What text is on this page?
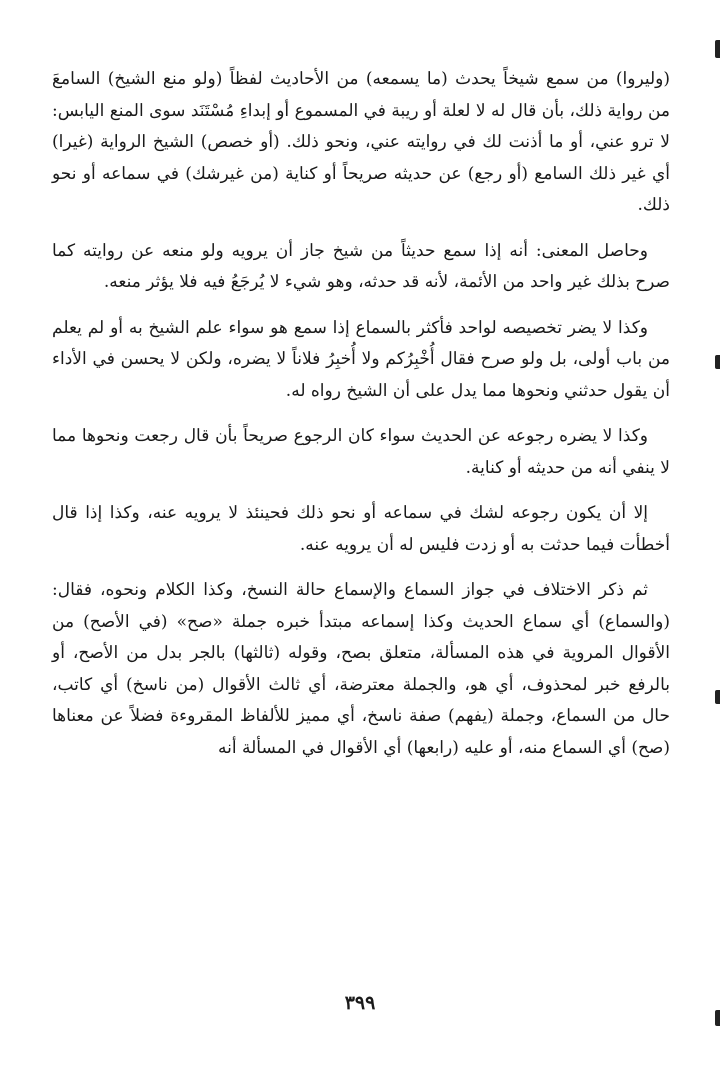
(وليروا) من سمع شيخاً يحدث (ما يسمعه) من الأحاديث لفظاً (ولو منع الشيخ) السامعَ من رواية ذلك، بأن قال له لا لعلة أو ريبة في المسموع أو إبداءِ مُسْتَنَد سوى المنع اليابس: لا ترو عني، أو ما أذنت لك في روايته عني، ونحو ذلك. (أو خصص) الشيخ الرواية (غيرا) أي غير ذلك السامع (أو رجع) عن حديثه صريحاً أو كناية (من غيرشك) في سماعه أو نحو ذلك.

وحاصل المعنى: أنه إذا سمع حديثاً من شيخ جاز أن يرويه ولو منعه عن روايته كما صرح بذلك غير واحد من الأئمة، لأنه قد حدثه، وهو شيء لا يُرجَعُ فيه فلا يؤثر منعه.

وكذا لا يضر تخصيصه لواحد فأكثر بالسماع إذا سمع هو سواء علم الشيخ به أو لم يعلم من باب أولى، بل ولو صرح فقال أُخْبِرُكم ولا أُخبِرُ فلاناً لا يضره، ولكن لا يحسن في الأداء أن يقول حدثني ونحوها مما يدل على أن الشيخ رواه له.

وكذا لا يضره رجوعه عن الحديث سواء كان الرجوع صريحاً بأن قال رجعت ونحوها مما لا ينفي أنه من حديثه أو كناية.

إلا أن يكون رجوعه لشك في سماعه أو نحو ذلك فحينئذ لا يرويه عنه، وكذا إذا قال أخطأت فيما حدثت به أو زدت فليس له أن يرويه عنه.

ثم ذكر الاختلاف في جواز السماع والإسماع حالة النسخ، وكذا الكلام ونحوه، فقال: (والسماع) أي سماع الحديث وكذا إسماعه مبتدأ خبره جملة «صح» (في الأصح) من الأقوال المروية في هذه المسألة، متعلق بصح، وقوله (ثالثها) بالجر بدل من الأصح، أو بالرفع خبر لمحذوف، أي هو، والجملة معترضة، أي ثالث الأقوال (من ناسخ) أي كاتب، حال من السماع، وجملة (يفهم) صفة ناسخ، أي مميز للألفاظ المقروءة فضلاً عن معناها (صح) أي السماع منه، أو عليه (رابعها) أي الأقوال في المسألة أنه

٣٩٩
